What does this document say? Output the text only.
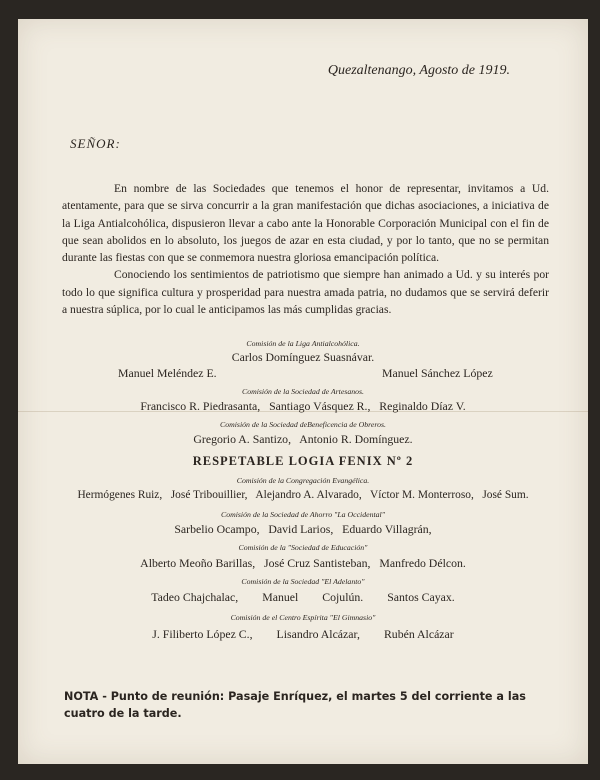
Quezaltenango, Agosto de 1919.
SEÑOR:

En nombre de las Sociedades que tenemos el honor de representar, invitamos a Ud. atentamente, para que se sirva concurrir a la gran manifestación que dichas asociaciones, a iniciativa de la Liga Antialcohólica, dispusieron llevar a cabo ante la Honorable Corporación Municipal con el fin de que sean abolidos en lo absoluto, los juegos de azar en esta ciudad, y por lo tanto, que no se permitan durante las fiestas con que se conmemora nuestra gloriosa emancipación política.

Conociendo los sentimientos de patriotismo que siempre han animado a Ud. y su interés por todo lo que significa cultura y prosperidad para nuestra amada patria, no dudamos que se servirá deferir a nuestra súplica, por lo cual le anticipamos las más cumplidas gracias.

Comisión de la Liga Antialcohólica.
Carlos Domínguez Suasnávar.
Manuel Meléndez E.	Manuel Sánchez López
Comisión de la Sociedad de Artesanos.
Francisco R. Piedrasanta,   Santiago Vásquez R.,   Reginaldo Díaz V.
Comisión de la Sociedad deBeneficencia de Obreros.
Gregorio A. Santizo,   Antonio R. Domínguez.
RESPETABLE LOGIA FENIX Nº 2
Comisión de la Congregación Evangélica.
Hermógenes Ruiz,   José Tribouillier,   Alejandro A. Alvarado,   Víctor M. Monterroso,   José Sum.
Comisión de la Sociedad de Ahorro "La Occidental"
Sarbelio Ocampo,   David Larios,   Eduardo Villagrán,
Comisión de la "Sociedad de Educación"
Alberto Meoño Barillas,   José Cruz Santisteban,   Manfredo Délcon.
Comisión de la Sociedad "El Adelanto"
Tadeo Chajchalac, Manuel Cojulún. Santos Cayax.
Comisión de el Centro Espírita "El Gimnasio"
J. Filiberto López C., Lisandro Alcázar, Rubén Alcázar
NOTA - Punto de reunión: Pasaje Enríquez, el martes 5 del corriente a las cuatro de la tarde.
